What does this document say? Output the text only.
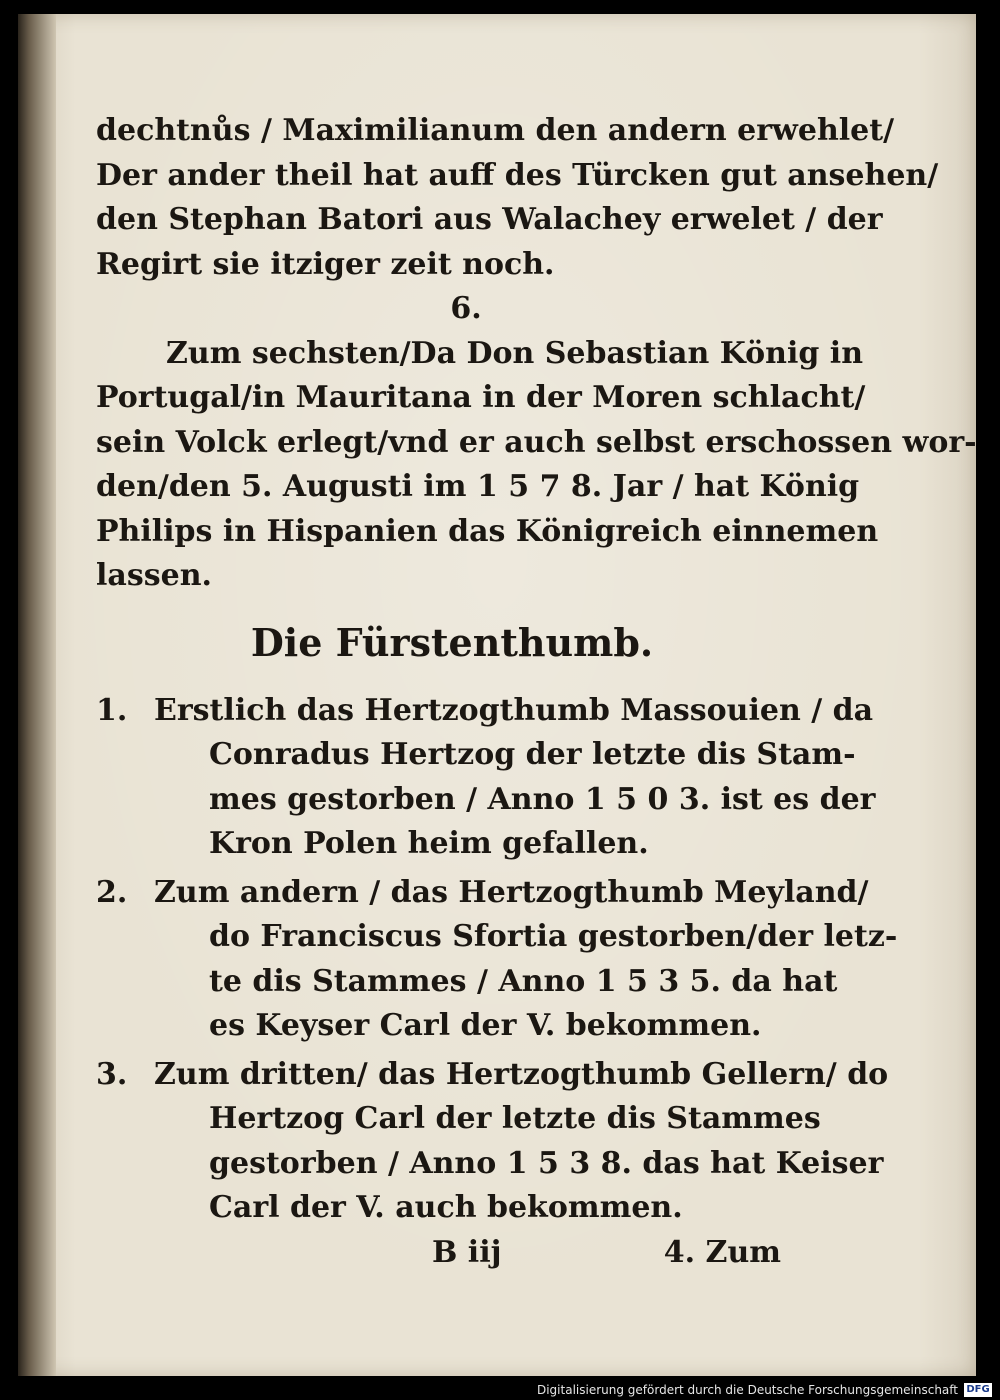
dechtnůs / Maximilianum den andern erwehlet/
Der ander theil hat auff des Türcken gut ansehen/
den Stephan Batori aus Walachey erwelet / der
Regirt sie itziger zeit noch.
6.
Zum sechsten/Da Don Sebastian König in
Portugal/in Mauritana in der Moren schlacht/
sein Volck erlegt/vnd er auch selbst erschossen wor-
den/den 5. Augusti im 1 5 7 8. Jar / hat König
Philips in Hispanien das Königreich einnemen
lassen.
Die Fürstenthumb.
1. Erstlich das Hertzogthumb Massouien / da
Conradus Hertzog der letzte dis Stam-
mes gestorben / Anno 1 5 0 3. ist es der
Kron Polen heim gefallen.
2. Zum andern / das Hertzogthumb Meyland/
do Franciscus Sfortia gestorben/der letz-
te dis Stammes / Anno 1 5 3 5. da hat
es Keyser Carl der V. bekommen.
3. Zum dritten/ das Hertzogthumb Gellern/ do
Hertzog Carl der letzte dis Stammes
gestorben / Anno 1 5 3 8. das hat Keiser
Carl der V. auch bekommen.
B iij	4. Zum
Digitalisierung gefördert durch die Deutsche Forschungsgemeinschaft DFG
